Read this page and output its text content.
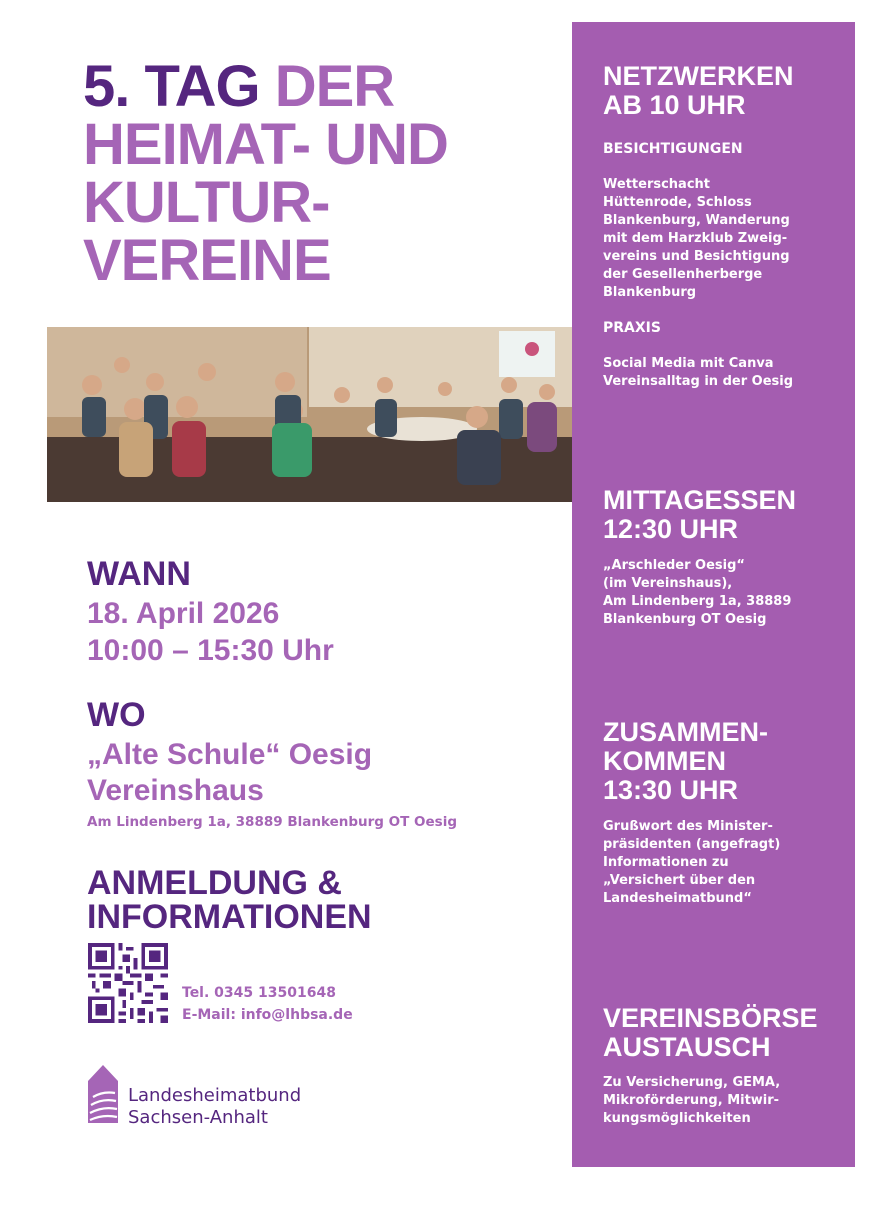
5. TAG DER HEIMAT- UND KULTUR-VEREINE
WANN
18. April 2026
10:00 – 15:30 Uhr
WO
„Alte Schule“ Oesig
Vereinshaus
Am Lindenberg 1a, 38889 Blankenburg OT Oesig
ANMELDUNG &
INFORMATIONEN
Tel. 0345 13501648
E-Mail: info@lhbsa.de
Landesheimatbund
Sachsen-Anhalt
NETZWERKEN
AB 10 UHR
BESICHTIGUNGEN
Wetterschacht
Hüttenrode, Schloss
Blankenburg, Wanderung
mit dem Harzklub Zweig-
vereins und Besichtigung
der Gesellenherberge
Blankenburg
PRAXIS
Social Media mit Canva
Vereinsalltag in der Oesig
MITTAGESSEN
12:30 UHR
„Arschleder Oesig“
(im Vereinshaus),
Am Lindenberg 1a, 38889
Blankenburg OT Oesig
ZUSAMMEN-
KOMMEN
13:30 UHR
Grußwort des Minister-
präsidenten (angefragt)
Informationen zu
„Versichert über den
Landesheimatbund“
VEREINSBÖRSE
AUSTAUSCH
Zu Versicherung, GEMA,
Mikroförderung, Mitwir-
kungsmöglichkeiten
